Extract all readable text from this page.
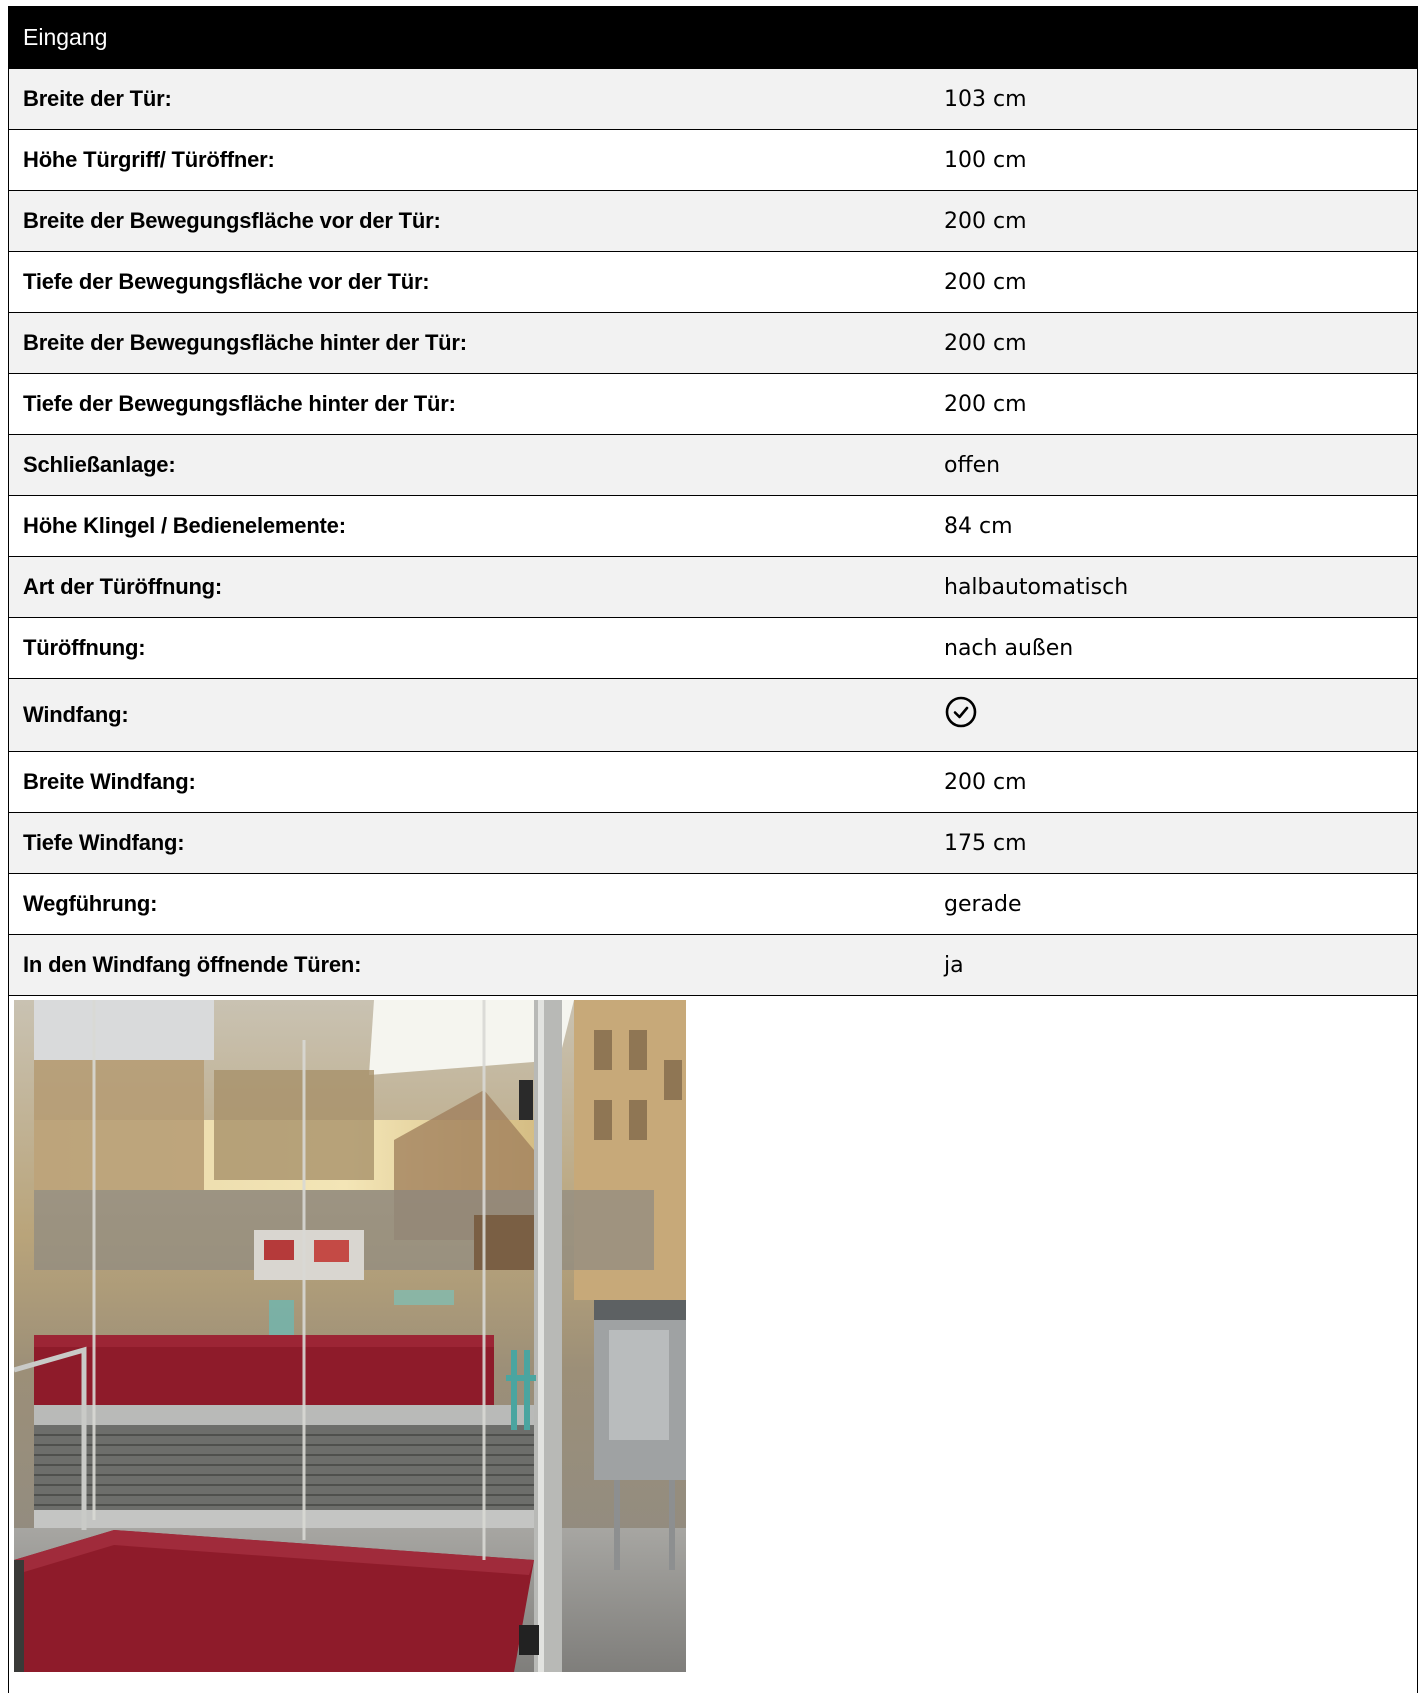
Eingang
Breite der Tür:	103 cm
Höhe Türgriff/ Türöffner:	100 cm
Breite der Bewegungsfläche vor der Tür:	200 cm
Tiefe der Bewegungsfläche vor der Tür:	200 cm
Breite der Bewegungsfläche hinter der Tür:	200 cm
Tiefe der Bewegungsfläche hinter der Tür:	200 cm
Schließanlage:	offen
Höhe Klingel / Bedienelemente:	84 cm
Art der Türöffnung:	halbautomatisch
Türöffnung:	nach außen
Windfang:
Breite Windfang:	200 cm
Tiefe Windfang:	175 cm
Wegführung:	gerade
In den Windfang öffnende Türen:	ja
